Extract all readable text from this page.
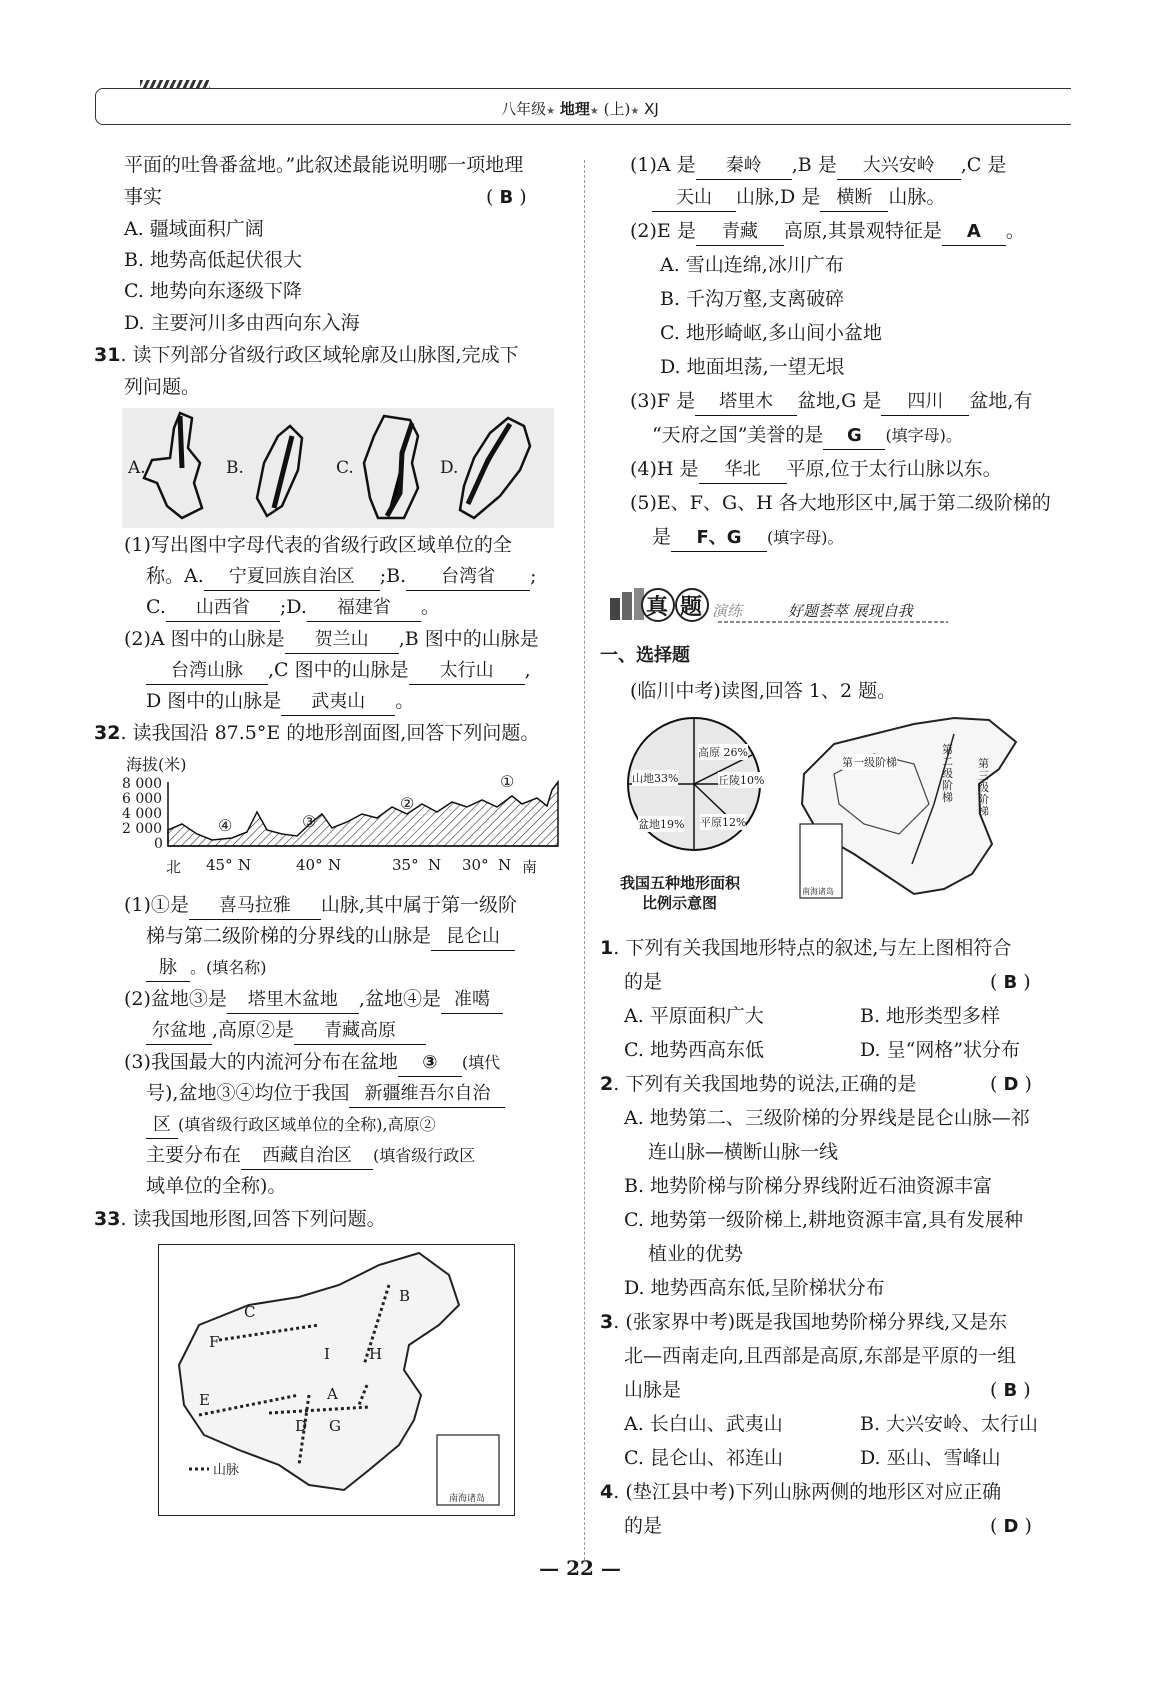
八年级★ 地理★ (上)★ XJ
平面的吐鲁番盆地。”此叙述最能说明哪一项地理
事实	( B )
A. 疆域面积广阔
B. 地势高低起伏很大
C. 地势向东逐级下降
D. 主要河川多由西向东入海
31. 读下列部分省级行政区域轮廓及山脉图,完成下
列问题。
A.	B.	C.	D.
(1)写出图中字母代表的省级行政区域单位的全
称。A. 宁夏回族自治区 ;B. 台湾省 ;
C. 山西省 ;D. 福建省 。
(2)A 图中的山脉是 贺兰山 ,B 图中的山脉是
台湾山脉 ,C 图中的山脉是 太行山 ,
D 图中的山脉是 武夷山 。
32. 读我国沿 87.5°E 的地形剖面图,回答下列问题。
海拔(米)
8 000
6 000
4 000
2 000
0
①
②
③
④
北 45° N	40° N	35° N 30° N 南
(1)①是 喜马拉雅 山脉,其中属于第一级阶
梯与第二级阶梯的分界线的山脉是 昆仑山
脉 。(填名称)
(2)盆地③是 塔里木盆地 ,盆地④是 准噶
尔盆地 ,高原②是 青藏高原
(3)我国最大的内流河分布在盆地 ③ (填代
号),盆地③④均位于我国 新疆维吾尔自治
区 (填省级行政区域单位的全称),高原②
主要分布在 西藏自治区 (填省级行政区
域单位的全称)。
33. 读我国地形图,回答下列问题。
C
B
F
I	H
E	A
D G
山脉
南海诸岛
(1)A 是 秦岭 ,B 是 大兴安岭 ,C 是
天山 山脉,D 是 横断 山脉。
(2)E 是 青藏 高原,其景观特征是 A 。
A. 雪山连绵,冰川广布
B. 千沟万壑,支离破碎
C. 地形崎岖,多山间小盆地
D. 地面坦荡,一望无垠
(3)F 是 塔里木 盆地,G 是 四川 盆地,有
“天府之国”美誉的是 G (填字母)。
(4)H 是 华北 平原,位于太行山脉以东。
(5)E、F、G、H 各大地形区中,属于第二级阶梯的
是 F、G (填字母)。
真 题 演练	好题荟萃 展现自我
一、选择题
(临川中考)读图,回答 1、2 题。
高原 26%
山地33%	丘陵10%
盆地19% 平原12%
我国五种地形面积
比例示意图
第一级阶梯
第二级阶梯
第三级阶梯
南海诸岛
1. 下列有关我国地形特点的叙述,与左上图相符合
的是	( B )
A. 平原面积广大	B. 地形类型多样
C. 地势西高东低	D. 呈“网格”状分布
2. 下列有关我国地势的说法,正确的是	( D )
A. 地势第二、三级阶梯的分界线是昆仑山脉—祁
连山脉—横断山脉一线
B. 地势阶梯与阶梯分界线附近石油资源丰富
C. 地势第一级阶梯上,耕地资源丰富,具有发展种
植业的优势
D. 地势西高东低,呈阶梯状分布
3. (张家界中考)既是我国地势阶梯分界线,又是东
北—西南走向,且西部是高原,东部是平原的一组
山脉是	( B )
A. 长白山、武夷山	B. 大兴安岭、太行山
C. 昆仑山、祁连山	D. 巫山、雪峰山
4. (垫江县中考)下列山脉两侧的地形区对应正确
的是	( D )
— 22 —
